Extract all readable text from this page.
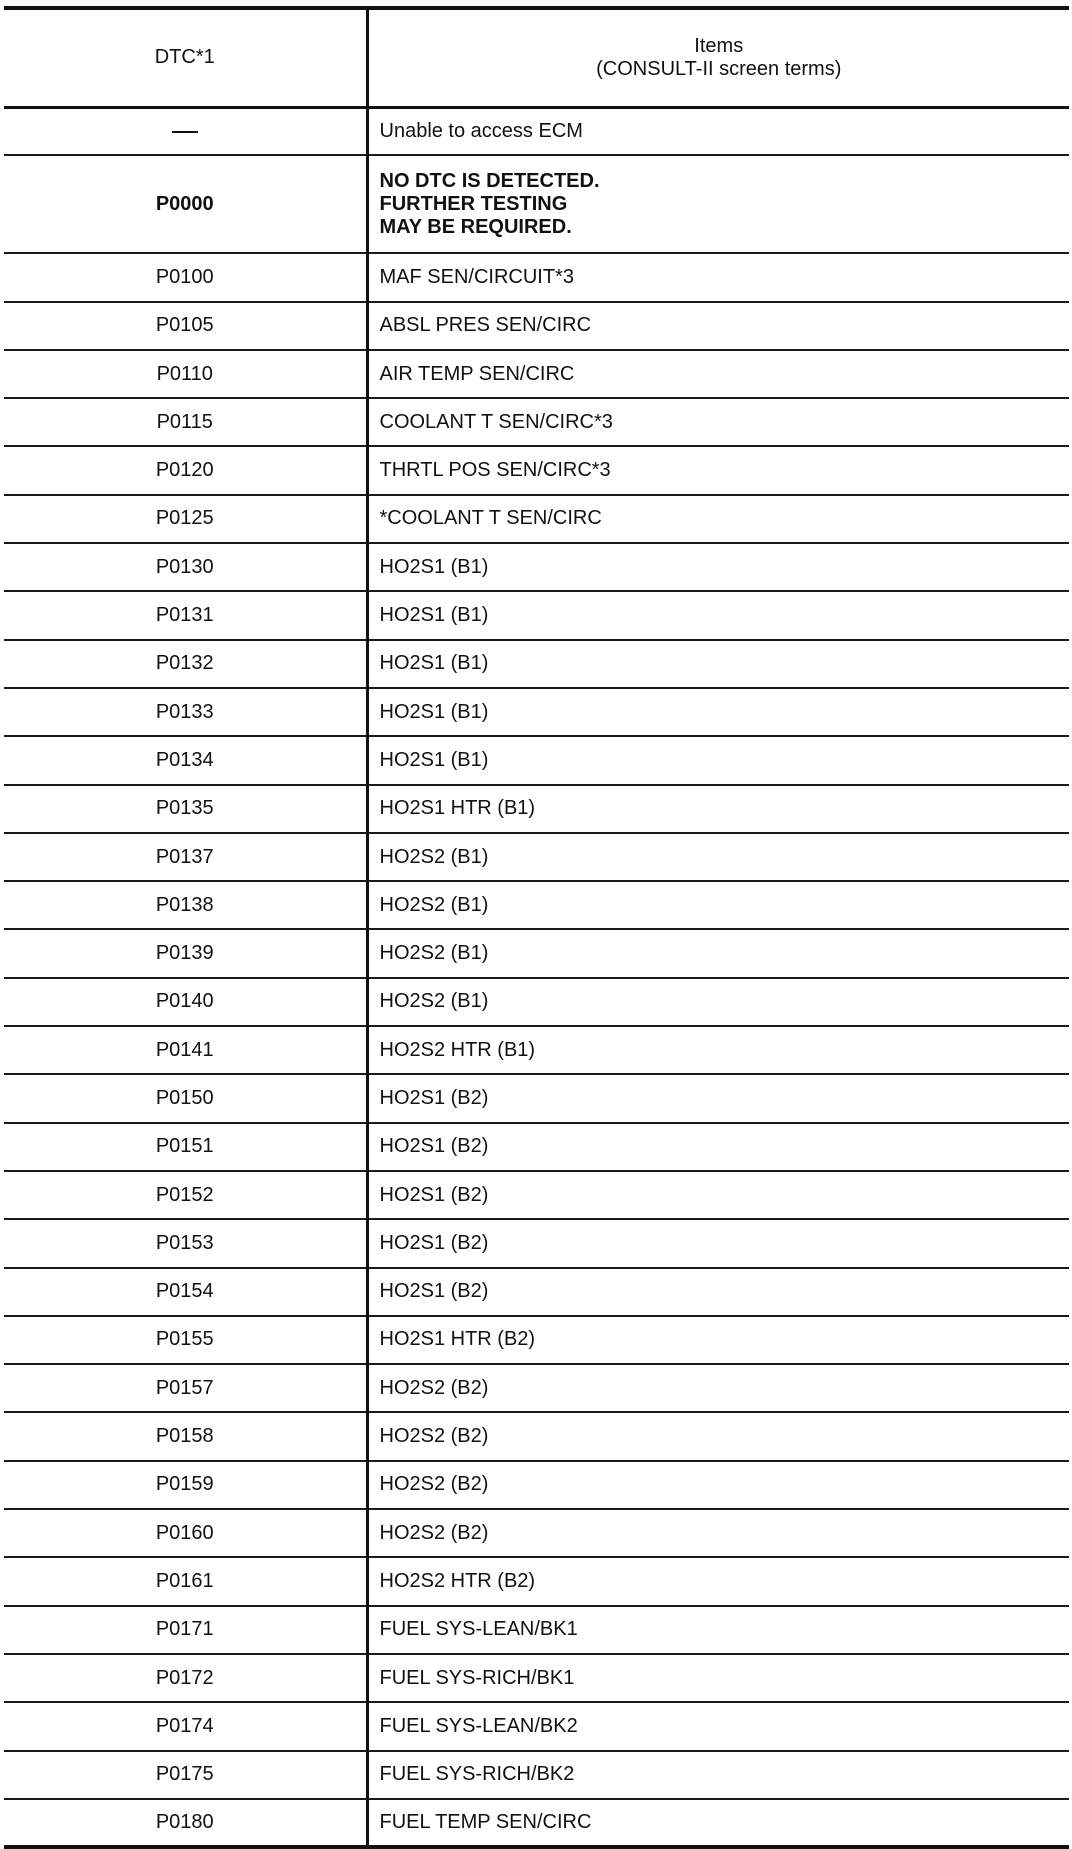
DTC*1	Items
(CONSULT-II screen terms)

	Unable to access ECM
P0000	NO DTC IS DETECTED.
FURTHER TESTING
MAY BE REQUIRED.

P0100	MAF SEN/CIRCUIT*3
P0105	ABSL PRES SEN/CIRC
P0110	AIR TEMP SEN/CIRC
P0115	COOLANT T SEN/CIRC*3
P0120	THRTL POS SEN/CIRC*3
P0125	*COOLANT T SEN/CIRC
P0130	HO2S1 (B1)
P0131	HO2S1 (B1)
P0132	HO2S1 (B1)
P0133	HO2S1 (B1)
P0134	HO2S1 (B1)
P0135	HO2S1 HTR (B1)
P0137	HO2S2 (B1)
P0138	HO2S2 (B1)
P0139	HO2S2 (B1)
P0140	HO2S2 (B1)
P0141	HO2S2 HTR (B1)
P0150	HO2S1 (B2)
P0151	HO2S1 (B2)
P0152	HO2S1 (B2)
P0153	HO2S1 (B2)
P0154	HO2S1 (B2)
P0155	HO2S1 HTR (B2)
P0157	HO2S2 (B2)
P0158	HO2S2 (B2)
P0159	HO2S2 (B2)
P0160	HO2S2 (B2)
P0161	HO2S2 HTR (B2)
P0171	FUEL SYS-LEAN/BK1
P0172	FUEL SYS-RICH/BK1
P0174	FUEL SYS-LEAN/BK2
P0175	FUEL SYS-RICH/BK2
P0180	FUEL TEMP SEN/CIRC
